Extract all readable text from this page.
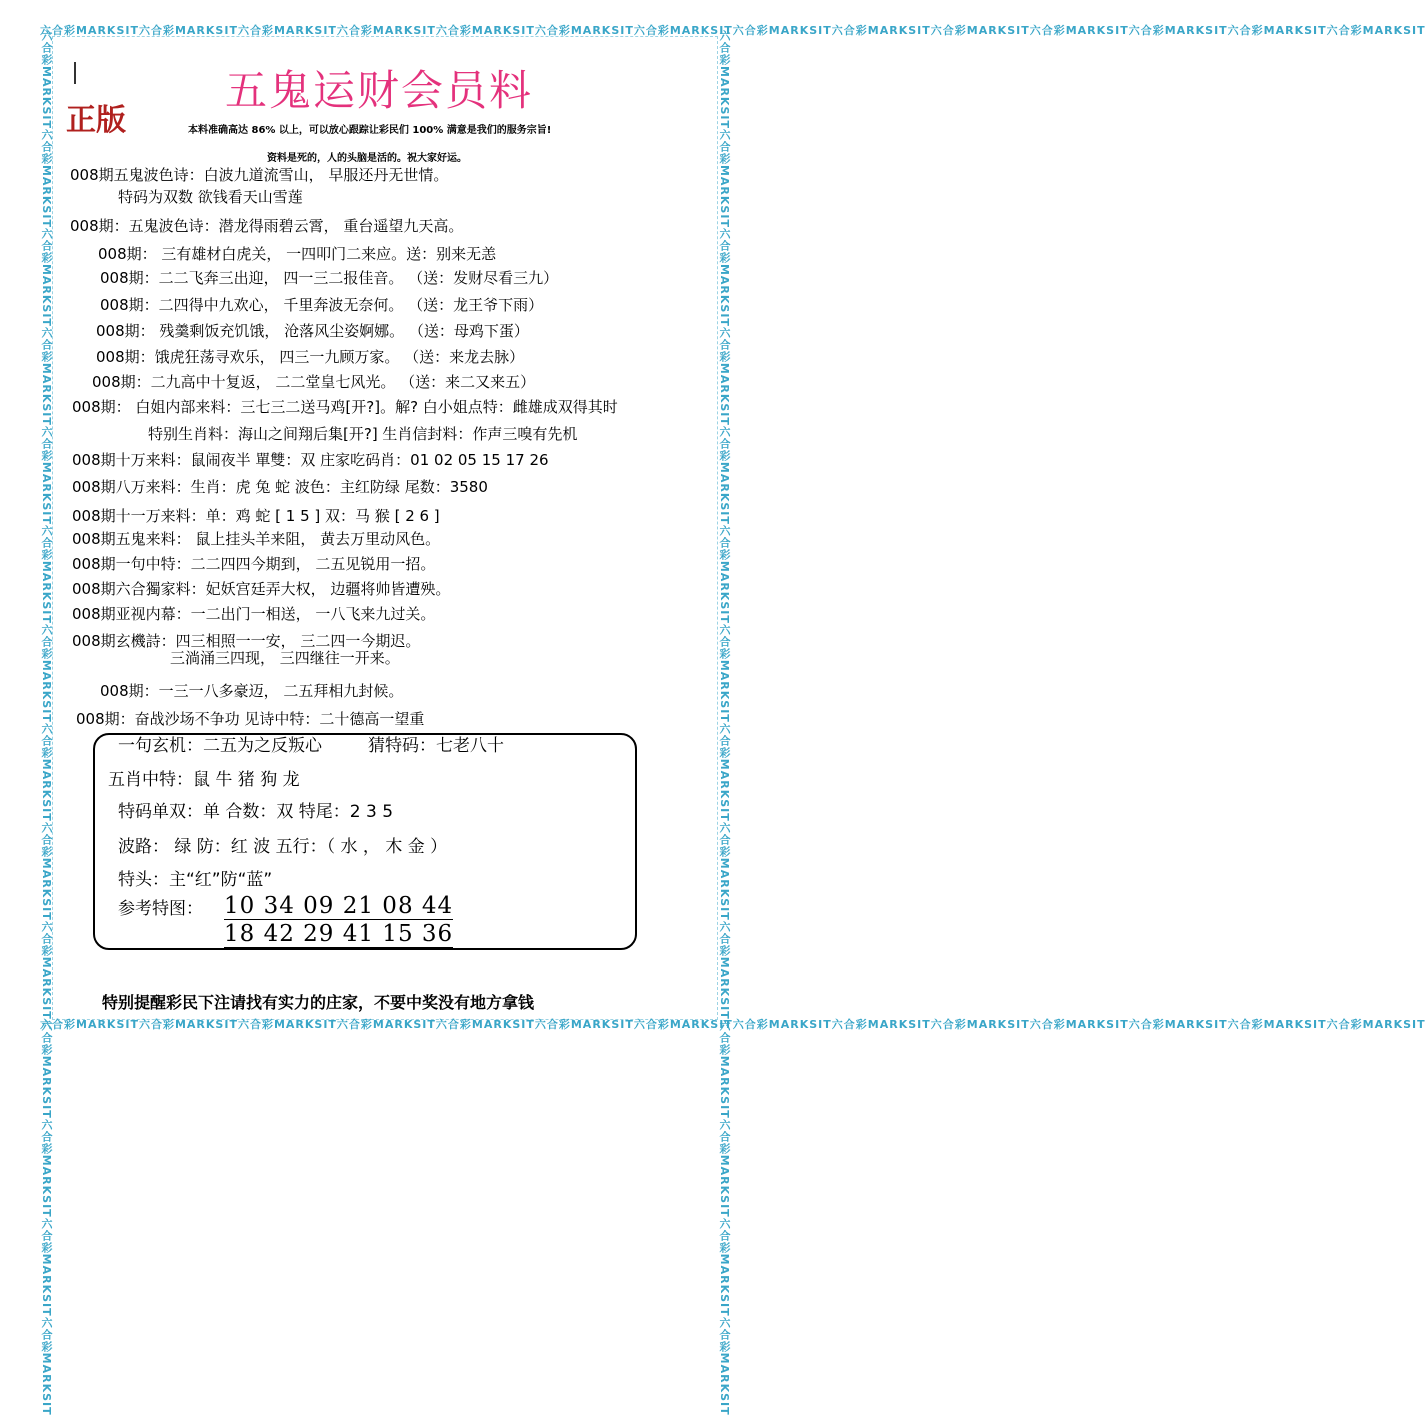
六合彩MARKSIT六合彩MARKSIT六合彩MARKSIT六合彩MARKSIT六合彩MARKSIT六合彩MARKSIT六合彩MARKSIT六合彩MARKSIT六合彩MARKSIT六合彩MARKSIT六合彩MARKSIT六合彩MARKSIT六合彩MARKSIT六合彩MARKSIT
六合彩MARKSIT六合彩MARKSIT六合彩MARKSIT六合彩MARKSIT六合彩MARKSIT六合彩MARKSIT六合彩MARKSIT六合彩MARKSIT六合彩MARKSIT六合彩MARKSIT六合彩MARKSIT六合彩MARKSIT六合彩MARKSIT六合彩MARKSIT
六合彩MARKSIT六合彩MARKSIT六合彩MARKSIT六合彩MARKSIT六合彩MARKSIT六合彩MARKSIT六合彩MARKSIT六合彩MARKSIT六合彩MARKSIT六合彩MARKSIT六合彩MARKSIT六合彩MARKSIT六合彩MARKSIT六合彩MARKSIT	六合彩MARKSIT六合彩MARKSIT六合彩MARKSIT六合彩MARKSIT六合彩MARKSIT六合彩MARKSIT六合彩MARKSIT六合彩MARKSIT六合彩MARKSIT六合彩MARKSIT六合彩MARKSIT六合彩MARKSIT六合彩MARKSIT六合彩MARKSIT
五鬼运财会员料
正版	本料准确高达 86% 以上，可以放心跟踪让彩民们 100% 满意是我们的服务宗旨!
资料是死的，人的头脑是活的。祝大家好运。
008期五鬼波色诗：白波九道流雪山， 早服还丹无世情。
特码为双数 欲钱看天山雪莲
008期：五鬼波色诗：潜龙得雨碧云霄， 重台遥望九天高。
008期： 三有雄材白虎关， 一四叩门二来应。送：别来无恙
008期：二二飞奔三出迎， 四一三二报佳音。 （送：发财尽看三九）
008期：二四得中九欢心， 千里奔波无奈何。 （送：龙王爷下雨）
008期： 残羹剩饭充饥饿， 沧落风尘姿婀娜。 （送：母鸡下蛋）
008期：饿虎狂荡寻欢乐， 四三一九顾万家。 （送：来龙去脉）
008期：二九高中十复返， 二二堂皇七风光。 （送：来二又来五）
008期： 白姐内部来料：三七三二送马鸡[开?]。解? 白小姐点特：雌雄成双得其时
特别生肖料：海山之间翔后集[开?] 生肖信封料：作声三嗅有先机
008期十万来料：鼠闹夜半 單雙：双 庄家吃码肖：01 02 05 15 17 26
008期八万来料：生肖：虎 兔 蛇 波色：主红防绿 尾数：3580
008期十一万来料：单：鸡 蛇 [ 1 5 ] 双：马 猴 [ 2 6 ]
008期五鬼来料： 鼠上挂头羊来阻， 黄去万里动风色。
008期一句中特：二二四四今期到， 二五见锐用一招。
008期六合獨家料：妃妖宫廷弄大权， 边疆将帅皆遭殃。
008期亚视内幕：一二出门一相送， 一八飞来九过关。
008期玄機詩：四三相照一一安， 三二四一今期迟。
三淌涌三四现， 三四继往一开来。
008期：一三一八多豪迈， 二五拜相九封候。
008期：奋战沙场不争功 见诗中特：二十德高一望重
一句玄机：二五为之反叛心	猜特码：七老八十
五肖中特：鼠 牛 猪 狗 龙
特码单双：单 合数：双 特尾：2 3 5
波路： 绿 防：红 波 五行：（ 水 ， 木 金 ）
特头：主“红”防“蓝”
参考特图： 10 34 09 21 08 44
18 42 29 41 15 36
特别提醒彩民下注请找有实力的庄家，不要中奖没有地方拿钱
